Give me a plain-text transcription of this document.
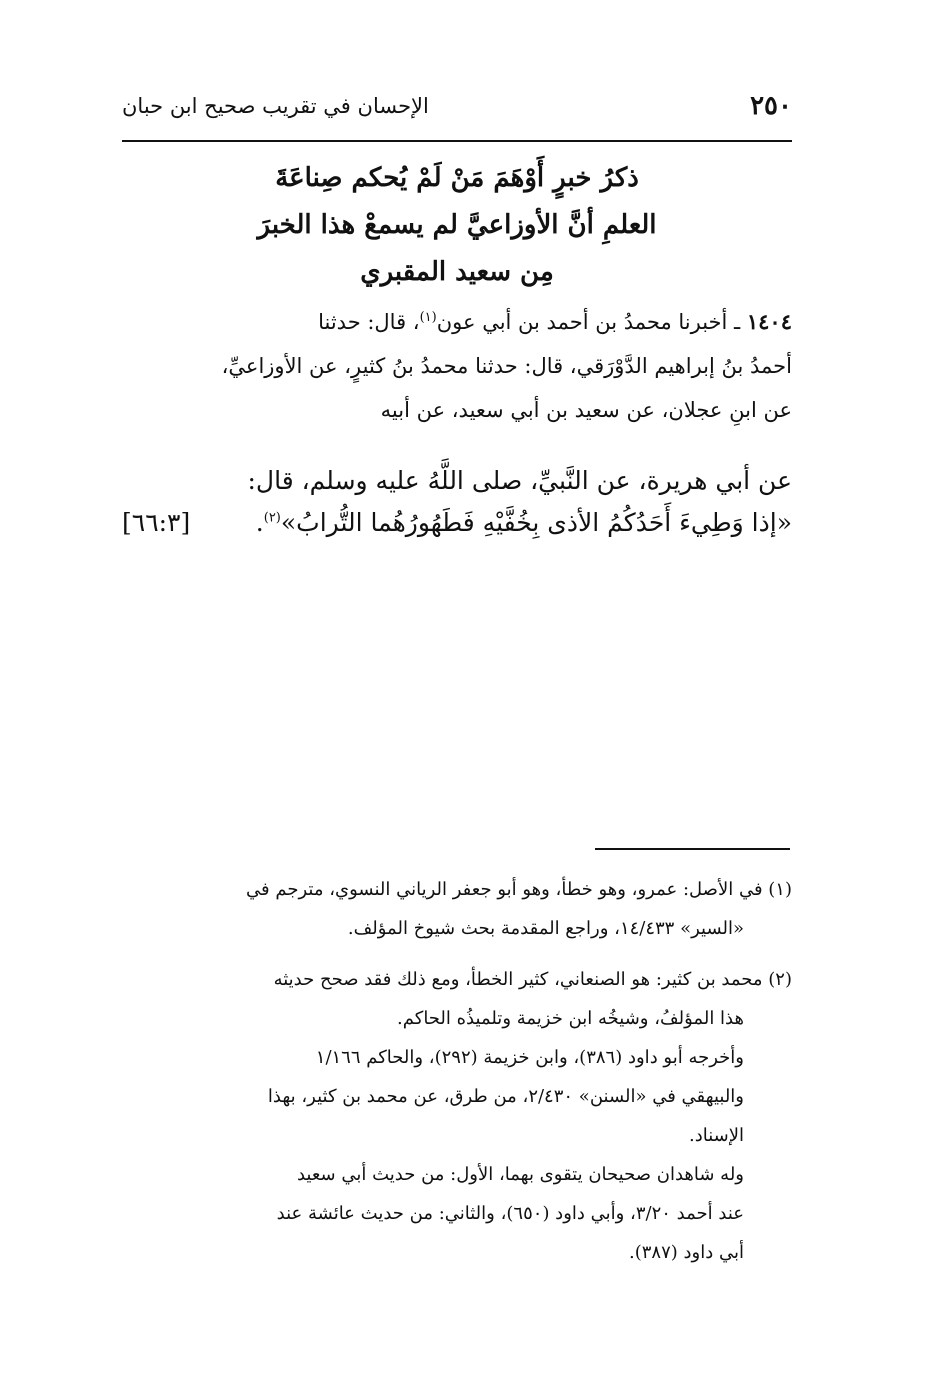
٢٥٠
الإحسان في تقريب صحيح ابن حبان
ذكرُ خبرٍ أَوْهَمَ مَنْ لَمْ يُحكم صِناعَةَ
العلمِ أنَّ الأوزاعيَّ لم يسمعْ هذا الخبرَ
مِن سعيد المقبري
١٤٠٤ ـ أخبرنا محمدُ بن أحمد بن أبي عون$^{(١)}$، قال: حدثنا
أحمدُ بنُ إبراهيم الدَّوْرَقي، قال: حدثنا محمدُ بنُ كثيرٍ، عن الأوزاعيِّ،
عن ابنِ عجلان، عن سعيد بن أبي سعيد، عن أبيه
عن أبي هريرة، عن النَّبيِّ، صلى اللَّهُ عليه وسلم، قال:
«إذا وَطِيءَ أَحَدُكُمُ الأذى بِخُفَّيْهِ فَطَهُورُهُما التُّرابُ»$^{(٢)}$.
[٦٦:٣]
(١) في الأصل: عمرو، وهو خطأ، وهو أبو جعفر الرياني النسوي، مترجم في
«السير» ١٤/٤٣٣، وراجع المقدمة بحث شيوخ المؤلف.
(٢) محمد بن كثير: هو الصنعاني، كثير الخطأ، ومع ذلك فقد صحح حديثه
هذا المؤلفُ، وشيخُه ابن خزيمة وتلميذُه الحاكم.
وأخرجه أبو داود (٣٨٦)، وابن خزيمة (٢٩٢)، والحاكم ١/١٦٦
والبيهقي في «السنن» ٢/٤٣٠، من طرق، عن محمد بن كثير، بهذا
الإسناد.
وله شاهدان صحيحان يتقوى بهما، الأول: من حديث أبي سعيد
عند أحمد ٣/٢٠، وأبي داود (٦٥٠)، والثاني: من حديث عائشة عند
أبي داود (٣٨٧).
